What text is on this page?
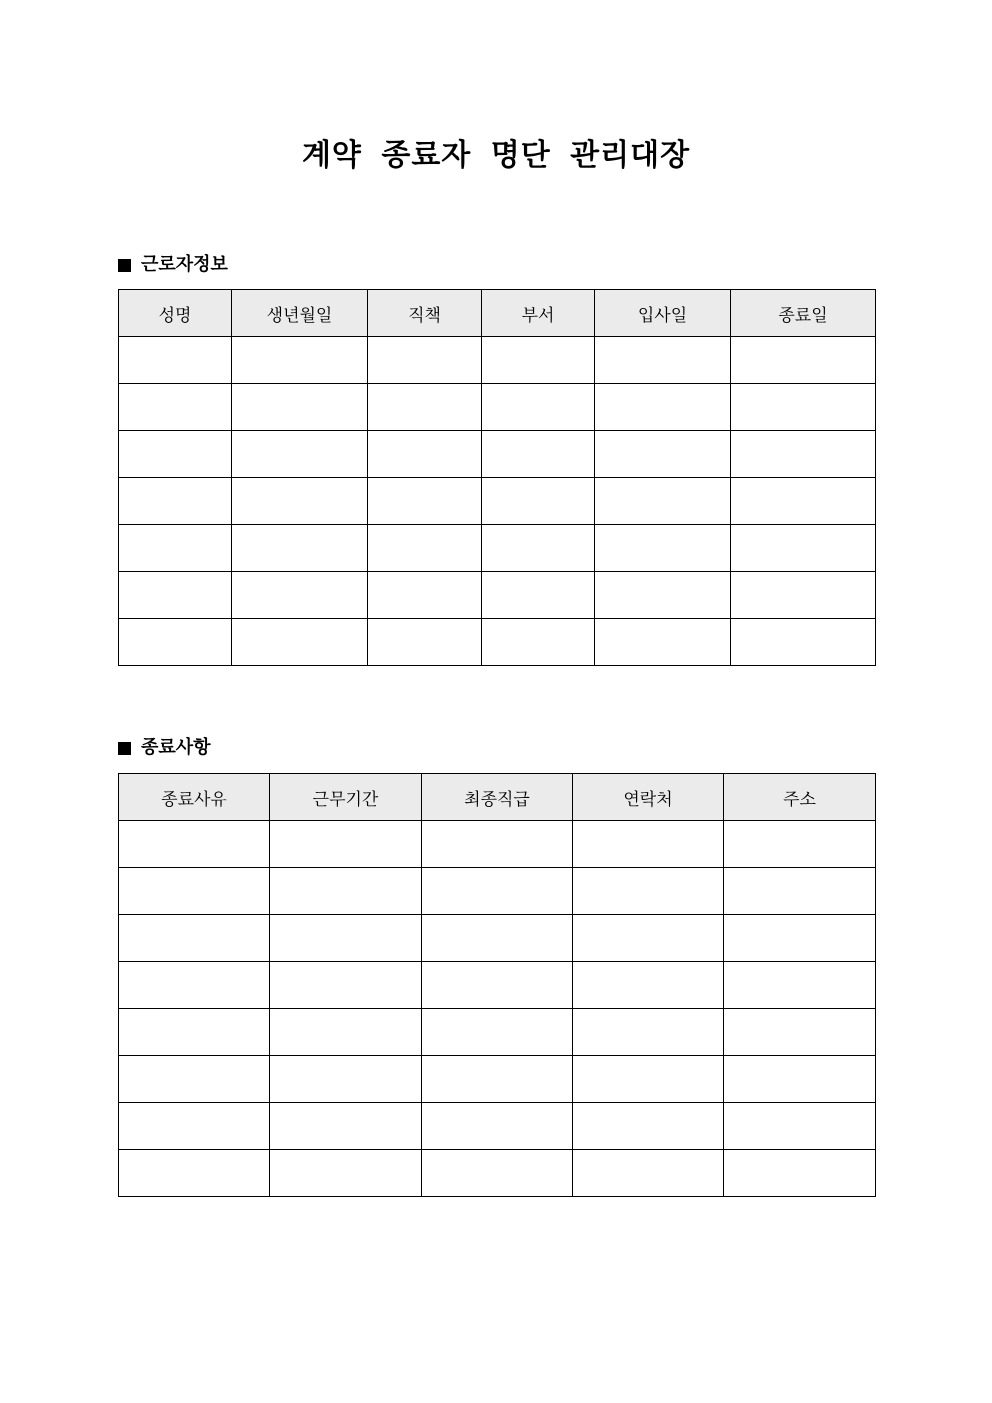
계약 종료자 명단 관리대장
근로자정보
성명	생년월일	직책	부서	입사일	종료일

종료사항
종료사유	근무기간	최종직급	연락처	주소
